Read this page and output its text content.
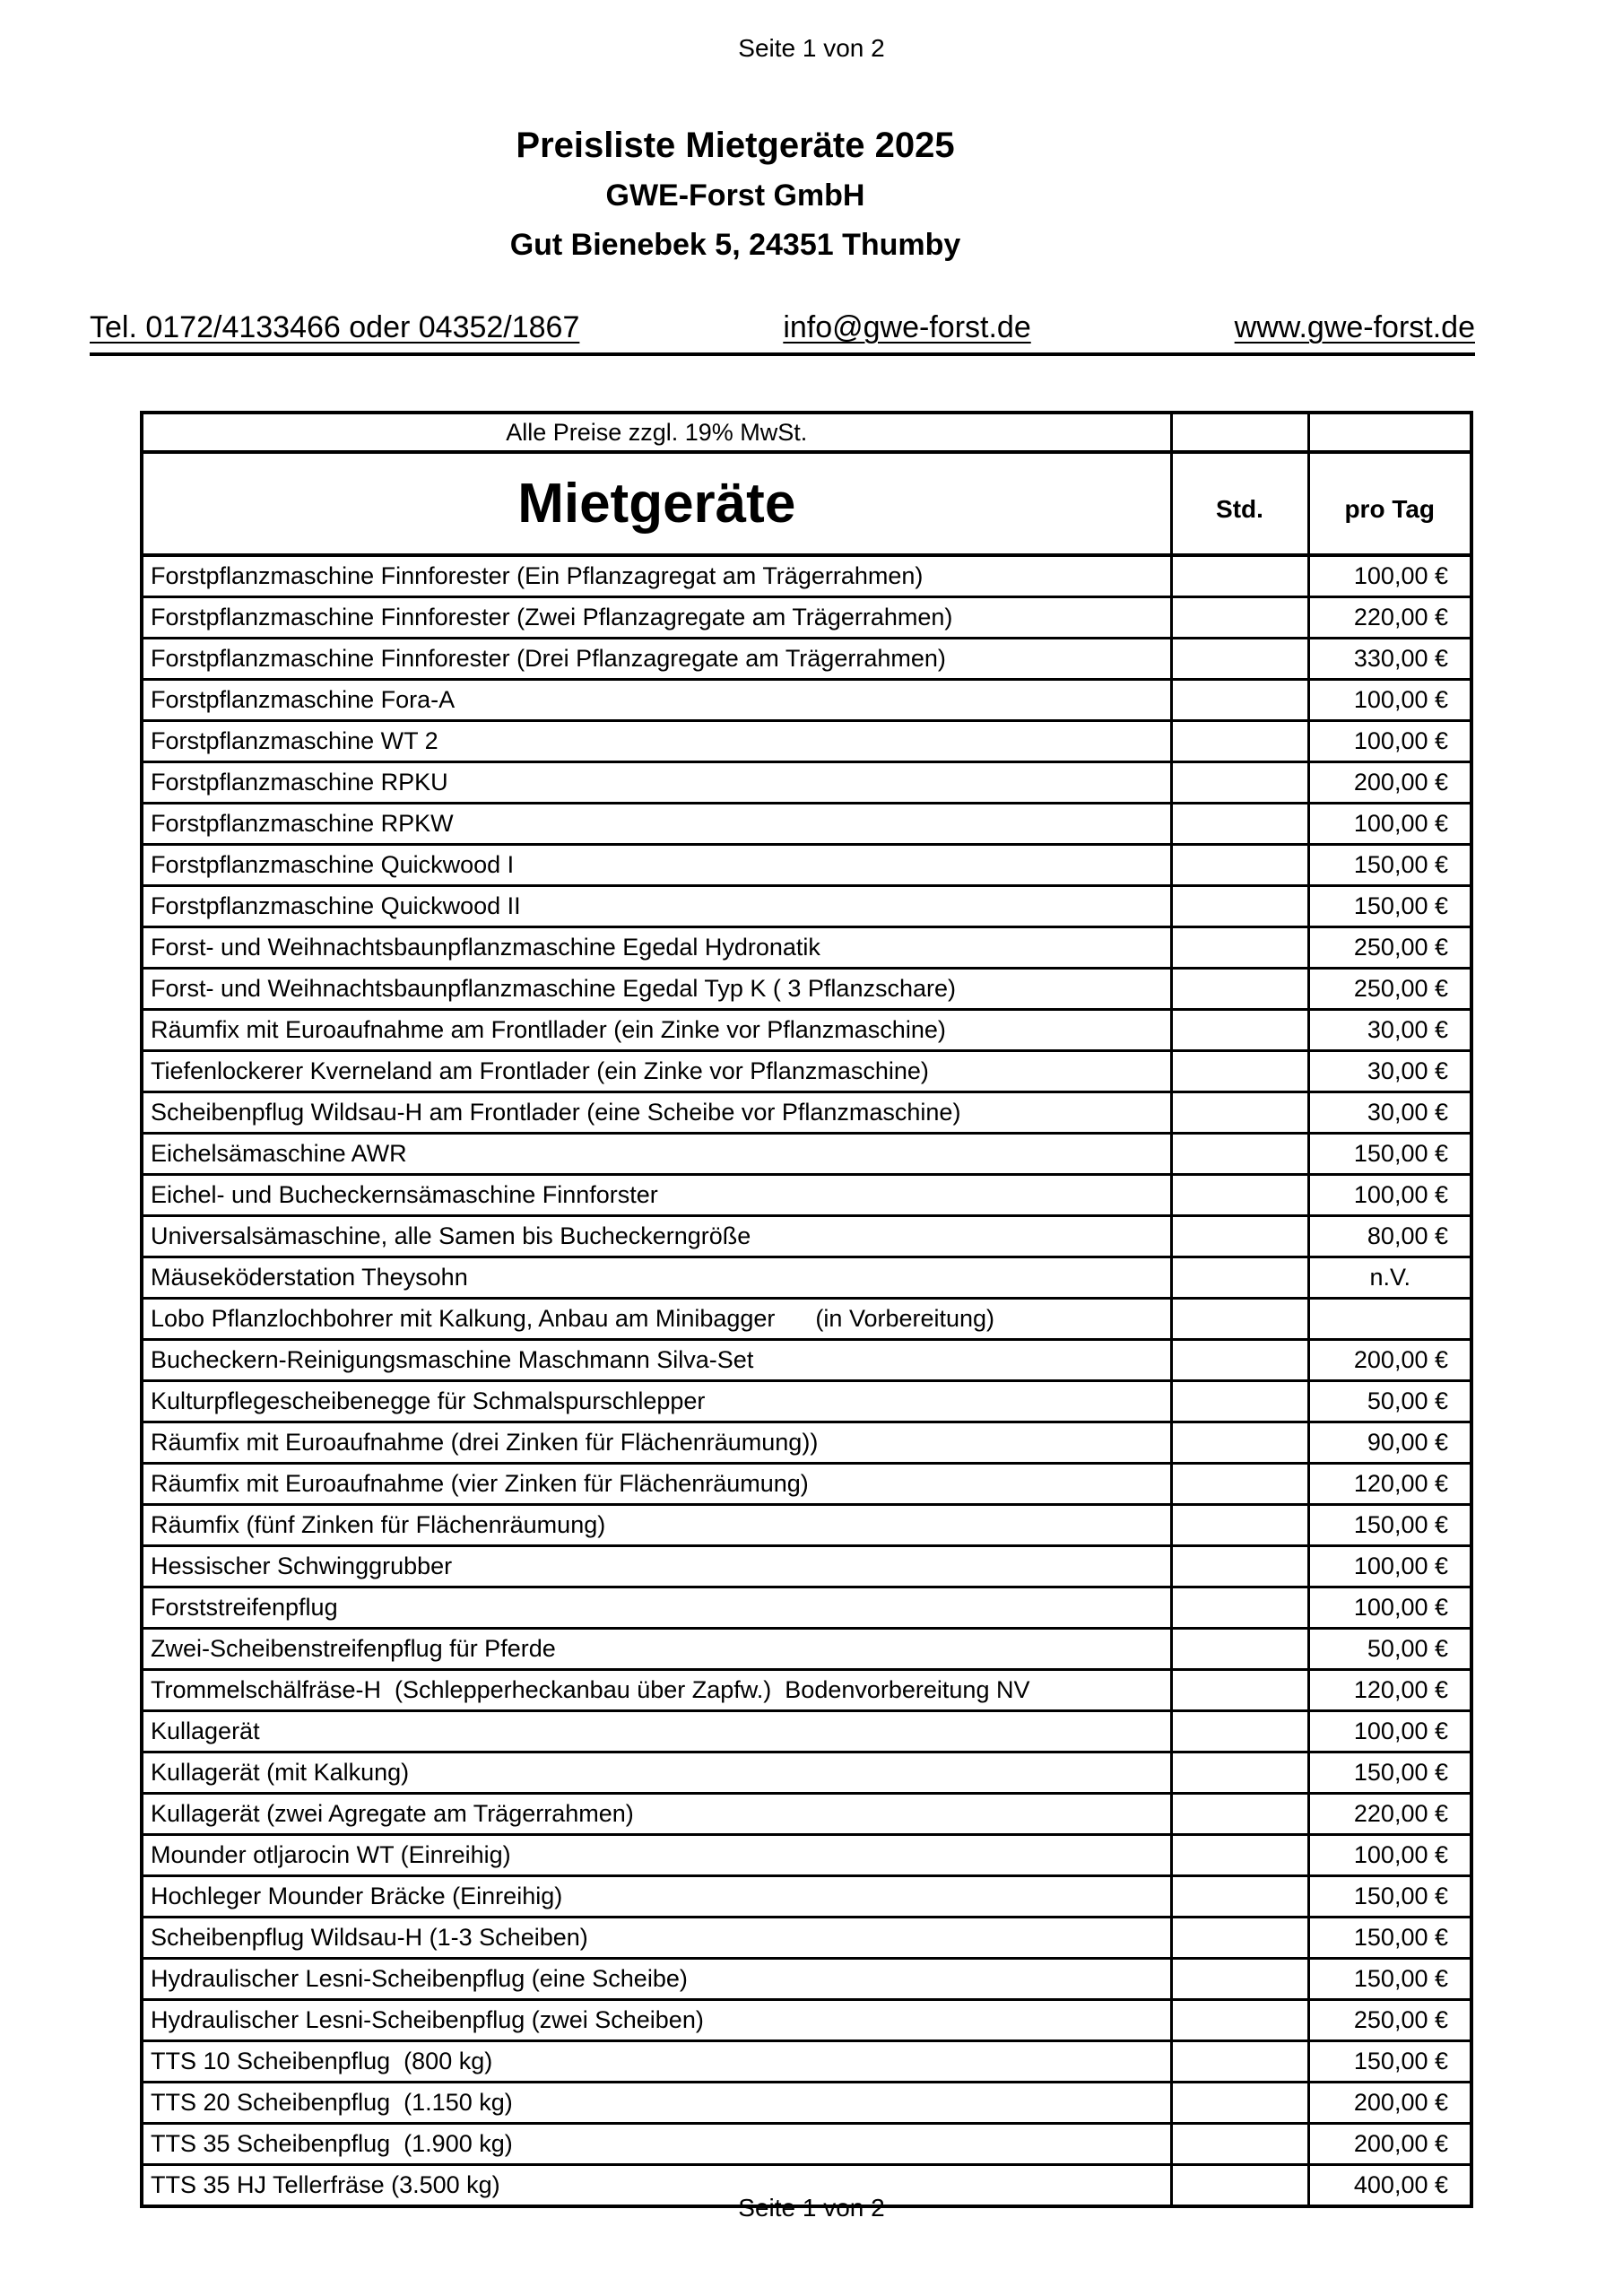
Seite 1 von 2
Preisliste Mietgeräte 2025
GWE-Forst GmbH
Gut Bienebek 5, 24351 Thumby
Tel. 0172/4133466 oder 04352/1867	info@gwe-forst.de	www.gwe-forst.de
Alle Preise zzgl. 19% MwSt.		
Mietgeräte	Std.	pro Tag
Forstpflanzmaschine Finnforester (Ein Pflanzagregat am Trägerrahmen)		100,00 €
Forstpflanzmaschine Finnforester (Zwei Pflanzagregate am Trägerrahmen)		220,00 €
Forstpflanzmaschine Finnforester (Drei Pflanzagregate am Trägerrahmen)		330,00 €
Forstpflanzmaschine Fora-A		100,00 €
Forstpflanzmaschine WT 2		100,00 €
Forstpflanzmaschine RPKU		200,00 €
Forstpflanzmaschine RPKW		100,00 €
Forstpflanzmaschine Quickwood I		150,00 €
Forstpflanzmaschine Quickwood II		150,00 €
Forst- und Weihnachtsbaunpflanzmaschine Egedal Hydronatik		250,00 €
Forst- und Weihnachtsbaunpflanzmaschine Egedal Typ K ( 3 Pflanzschare)		250,00 €
Räumfix mit Euroaufnahme am Frontllader (ein Zinke vor Pflanzmaschine)		30,00 €
Tiefenlockerer Kverneland am Frontlader (ein Zinke vor Pflanzmaschine)		30,00 €
Scheibenpflug Wildsau-H am Frontlader (eine Scheibe vor Pflanzmaschine)		30,00 €
Eichelsämaschine AWR		150,00 €
Eichel- und Bucheckernsämaschine Finnforster		100,00 €
Universalsämaschine, alle Samen bis Bucheckerngröße		80,00 €
Mäuseköderstation Theysohn		n.V.
Lobo Pflanzlochbohrer mit Kalkung, Anbau am Minibagger      (in Vorbereitung)		
Bucheckern-Reinigungsmaschine Maschmann Silva-Set		200,00 €
Kulturpflegescheibenegge für Schmalspurschlepper		50,00 €
Räumfix mit Euroaufnahme (drei Zinken für Flächenräumung))		90,00 €
Räumfix mit Euroaufnahme (vier Zinken für Flächenräumung)		120,00 €
Räumfix (fünf Zinken für Flächenräumung)		150,00 €
Hessischer Schwinggrubber		100,00 €
Forststreifenpflug		100,00 €
Zwei-Scheibenstreifenpflug für Pferde		50,00 €
Trommelschälfräse-H  (Schlepperheckanbau über Zapfw.)  Bodenvorbereitung NV		120,00 €
Kullagerät		100,00 €
Kullagerät (mit Kalkung)		150,00 €
Kullagerät (zwei Agregate am Trägerrahmen)		220,00 €
Mounder otljarocin WT (Einreihig)		100,00 €
Hochleger Mounder Bräcke (Einreihig)		150,00 €
Scheibenpflug Wildsau-H (1-3 Scheiben)		150,00 €
Hydraulischer Lesni-Scheibenpflug (eine Scheibe)		150,00 €
Hydraulischer Lesni-Scheibenpflug (zwei Scheiben)		250,00 €
TTS 10 Scheibenpflug  (800 kg)		150,00 €
TTS 20 Scheibenpflug  (1.150 kg)		200,00 €
TTS 35 Scheibenpflug  (1.900 kg)		200,00 €
TTS 35 HJ Tellerfräse (3.500 kg)		400,00 €
Seite 1 von 2
